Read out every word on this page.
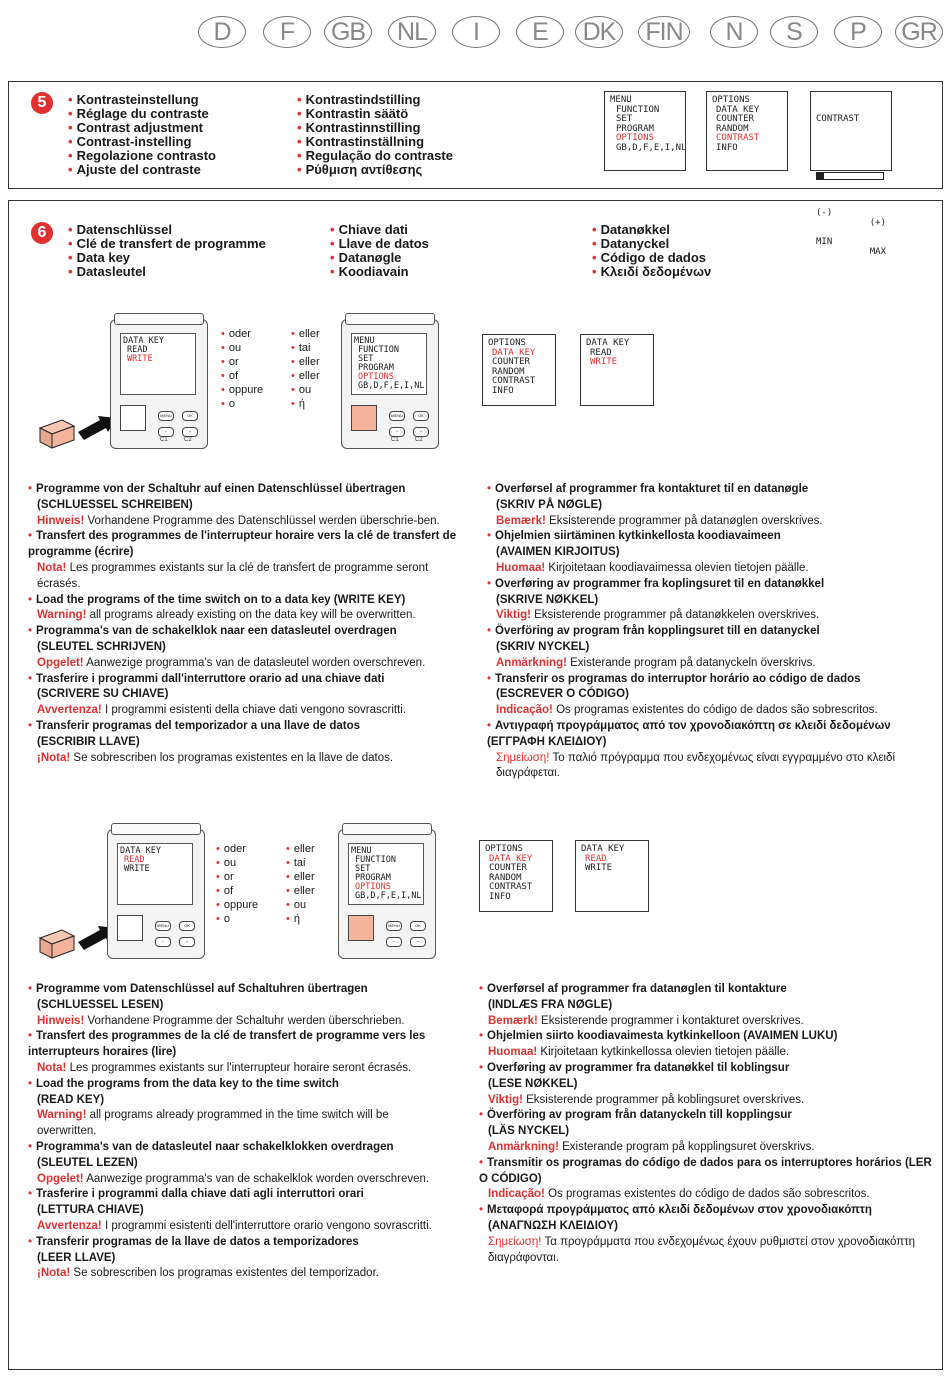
D	F	GB	NL	I	E	DK	FIN	N	S	P	GR
5	• Kontrasteinstellung
• Réglage du contraste
• Contrast adjustment
• Contrast-instelling
• Regolazione contrasto
• Ajuste del contraste
• Kontrastindstilling
• Kontrastin säätö
• Kontrastinnstilling
• Kontrastinställning
• Regulação do contraste
• Ρύθμιση αντίθεσης
MENU
FUNCTION
SET
PROGRAM
OPTIONS
GB,D,F,E,I,NL
OPTIONS
DATA KEY
COUNTER
RANDOM
CONTRAST
INFO

CONTRAST

(-)

(+)

MIN

MAX

6	• Datenschlüssel
• Clé de transfert de programme
• Data key
• Datasleutel
• Chiave dati
• Llave de datos
• Datanøgle
• Koodiavain
• Datanøkkel
• Datanyckel
• Código de dados
• Κλειδί δεδομένων
DATA KEY
READ
WRITE
MENU	OK
−	+
C1	C2
• oder
• ou
• or
• of
• oppure
• o
• eller
• tai
• eller
• eller
• ou
• ή
MENU
FUNCTION
SET
PROGRAM
OPTIONS
GB,D,F,E,I,NL
MENU	OK
−	+
C1	C2
OPTIONS
DATA KEY
COUNTER
RANDOM
CONTRAST
INFO
DATA KEY
READ
WRITE
DATA KEY
READ
WRITE
MENU	OK
−	+
• oder
• ou
• or
• of
• oppure
• o
• eller
• tai
• eller
• eller
• ou
• ή
MENU
FUNCTION
SET
PROGRAM
OPTIONS
GB,D,F,E,I,NL
MENU	OK
−	+
OPTIONS
DATA KEY
COUNTER
RANDOM
CONTRAST
INFO
DATA KEY
READ
WRITE
• Programme von der Schaltuhr auf einen Datenschlüssel übertragen
(SCHLUESSEL SCHREIBEN)
Hinweis! Vorhandene Programme des Datenschlüssel werden überschrie-ben.
• Transfert des programmes de l'interrupteur horaire vers la clé de transfert de programme (écrire)
Nota! Les programmes existants sur la clé de transfert de programme seront écrasés.
• Load the programs of the time switch on to a data key (WRITE KEY)
Warning! all programs already existing on the data key will be overwritten.
• Programma's van de schakelklok naar een datasleutel overdragen
(SLEUTEL SCHRIJVEN)
Opgelet! Aanwezige programma's van de datasleutel worden overschreven.
• Trasferire i programmi dall'interruttore orario ad una chiave dati
(SCRIVERE SU CHIAVE)
Avvertenza! I programmi esistenti della chiave dati vengono sovrascritti.
• Transferir programas del temporizador a una llave de datos
(ESCRIBIR LLAVE)
¡Nota! Se sobrescriben los programas existentes en la llave de datos.
• Overførsel af programmer fra kontakturet til en datanøgle
(SKRIV PÅ NØGLE)
Bemærk! Eksisterende programmer på datanøglen overskrives.
• Ohjelmien siirtäminen kytkinkellosta koodiavaimeen
(AVAIMEN KIRJOITUS)
Huomaa! Kirjoitetaan koodiavaimessa olevien tietojen päälle.
• Overføring av programmer fra koplingsuret til en datanøkkel
(SKRIVE NØKKEL)
Viktig! Eksisterende programmer på datanøkkelen overskrives.
• Överföring av program från kopplingsuret till en datanyckel
(SKRIV NYCKEL)
Anmärkning! Existerande program på datanyckeln överskrivs.
• Transferir os programas do interruptor horário ao código de dados
(ESCREVER O CÓDIGO)
Indicação! Os programas existentes do código de dados são sobrescritos.
• Αντιγραφή προγράμματος από τον χρονοδιακόπτη σε κλειδί δεδομένων (ΕΓΓΡΑΦΗ ΚΛΕΙΔΙΟΥ)
Σημείωση! Το παλιό πρόγραμμα που ενδεχομένως είναι εγγραμμένο στο κλειδί διαγράφεται.
• Programme vom Datenschlüssel auf Schaltuhren übertragen
(SCHLUESSEL LESEN)
Hinweis! Vorhandene Programme der Schaltuhr werden überschrieben.
• Transfert des programmes de la clé de transfert de programme vers les interrupteurs horaires (lire)
Nota! Les programmes existants sur l'interrupteur horaire seront écrasés.
• Load the programs from the data key to the time switch
(READ KEY)
Warning! all programs already programmed in the time switch will be overwritten.
• Programma's van de datasleutel naar schakelklokken overdragen
(SLEUTEL LEZEN)
Opgelet! Aanwezige programma's van de schakelklok worden overschreven.
• Trasferire i programmi dalla chiave dati agli interruttori orari
(LETTURA CHIAVE)
Avvertenza! I programmi esistenti dell'interruttore orario vengono sovrascritti.
• Transferir programas de la llave de datos a temporizadores
(LEER LLAVE)
¡Nota! Se sobrescriben los programas existentes del temporizador.
• Overførsel af programmer fra datanøglen til kontakture
(INDLÆS FRA NØGLE)
Bemærk! Eksisterende programmer i kontakturet overskrives.
• Ohjelmien siirto koodiavaimesta kytkinkelloon (AVAIMEN LUKU)
Huomaa! Kirjoitetaan kytkinkellossa olevien tietojen päälle.
• Overføring av programmer fra datanøkkel til koblingsur
(LESE NØKKEL)
Viktig! Eksisterende programmer på koblingsuret overskrives.
• Överföring av program från datanyckeln till kopplingsur
(LÄS NYCKEL)
Anmärkning! Existerande program på kopplingsuret överskrivs.
• Transmitir os programas do código de dados para os interruptores horários (LER O CÓDIGO)
Indicação! Os programas existentes do código de dados são sobrescritos.
• Μεταφορά προγράμματος από κλειδί δεδομένων στον χρονοδιακόπτη
(ΑΝΑΓΝΩΣΗ ΚΛΕΙΔΙΟΥ)
Σημείωση! Τα προγράμματα που ενδεχομένως έχουν ρυθμιστεί στον χρονοδιακόπτη διαγράφονται.
